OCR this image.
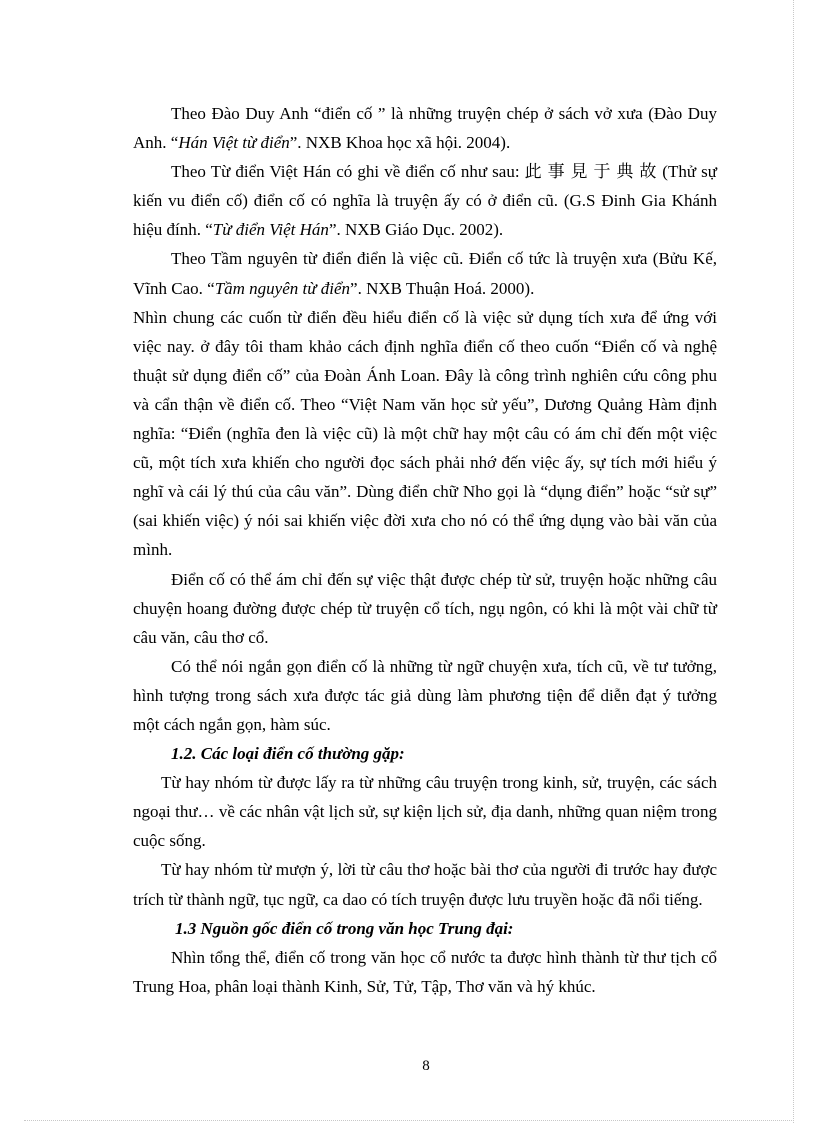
Theo Đào Duy Anh “điển cố ” là những truyện chép ở sách vở xưa (Đào Duy Anh. “Hán Việt từ điển”. NXB Khoa học xã hội. 2004).

Theo Từ điển Việt Hán có ghi về điển cố như sau: 此 事 見 于 典 故 (Thử sự kiến vu điển cố) điển cố có nghĩa là truyện ấy có ở điển cũ. (G.S Đinh Gia Khánh hiệu đính. “Từ điển Việt Hán”. NXB Giáo Dục. 2002).

Theo Tầm nguyên từ điển điển là việc cũ. Điển cố tức là truyện xưa (Bửu Kế, Vĩnh Cao. “Tầm nguyên từ điển”. NXB Thuận Hoá. 2000).

Nhìn chung các cuốn từ điển đều hiểu điển cố là việc sử dụng tích xưa để ứng với việc nay. ở đây tôi tham khảo cách định nghĩa điển cố theo cuốn “Điển cố và nghệ thuật sử dụng điển cố” của Đoàn Ánh Loan. Đây là công trình nghiên cứu công phu và cẩn thận về điển cố. Theo “Việt Nam văn học sử yếu”, Dương Quảng Hàm định nghĩa: “Điển (nghĩa đen là việc cũ) là một chữ hay một câu có ám chỉ đến một việc cũ, một tích xưa khiến cho người đọc sách phải nhớ đến việc ấy, sự tích mới hiểu ý nghĩ và cái lý thú của câu văn”. Dùng điển chữ Nho gọi là “dụng điển” hoặc “sử sự” (sai khiến việc) ý nói sai khiến việc đời xưa cho nó có thể ứng dụng vào bài văn của mình.

Điển cố có thể ám chỉ đến sự việc thật được chép từ sử, truyện hoặc những câu chuyện hoang đường được chép từ truyện cổ tích, ngụ ngôn, có khi là một vài chữ từ câu văn, câu thơ cổ.

Có thể nói ngắn gọn điển cố là những từ ngữ chuyện xưa, tích cũ, về tư tưởng, hình tượng trong sách xưa được tác giả dùng làm phương tiện để diễn đạt ý tưởng một cách ngắn gọn, hàm súc.

1.2. Các loại điển cố thường gặp:

Từ hay nhóm từ được lấy ra từ những câu truyện trong kinh, sử, truyện, các sách ngoại thư… về các nhân vật lịch sử, sự kiện lịch sử, địa danh, những quan niệm trong cuộc sống.

Từ hay nhóm từ mượn ý, lời từ câu thơ hoặc bài thơ của người đi trước hay được trích từ thành ngữ, tục ngữ, ca dao có tích truyện được lưu truyền hoặc đã nổi tiếng.

1.3 Nguồn gốc điển cố trong văn học Trung đại:

Nhìn tổng thể, điển cố trong văn học cổ nước ta được hình thành từ thư tịch cổ Trung Hoa, phân loại thành Kinh, Sử, Tử, Tập, Thơ văn và hý khúc.

8
